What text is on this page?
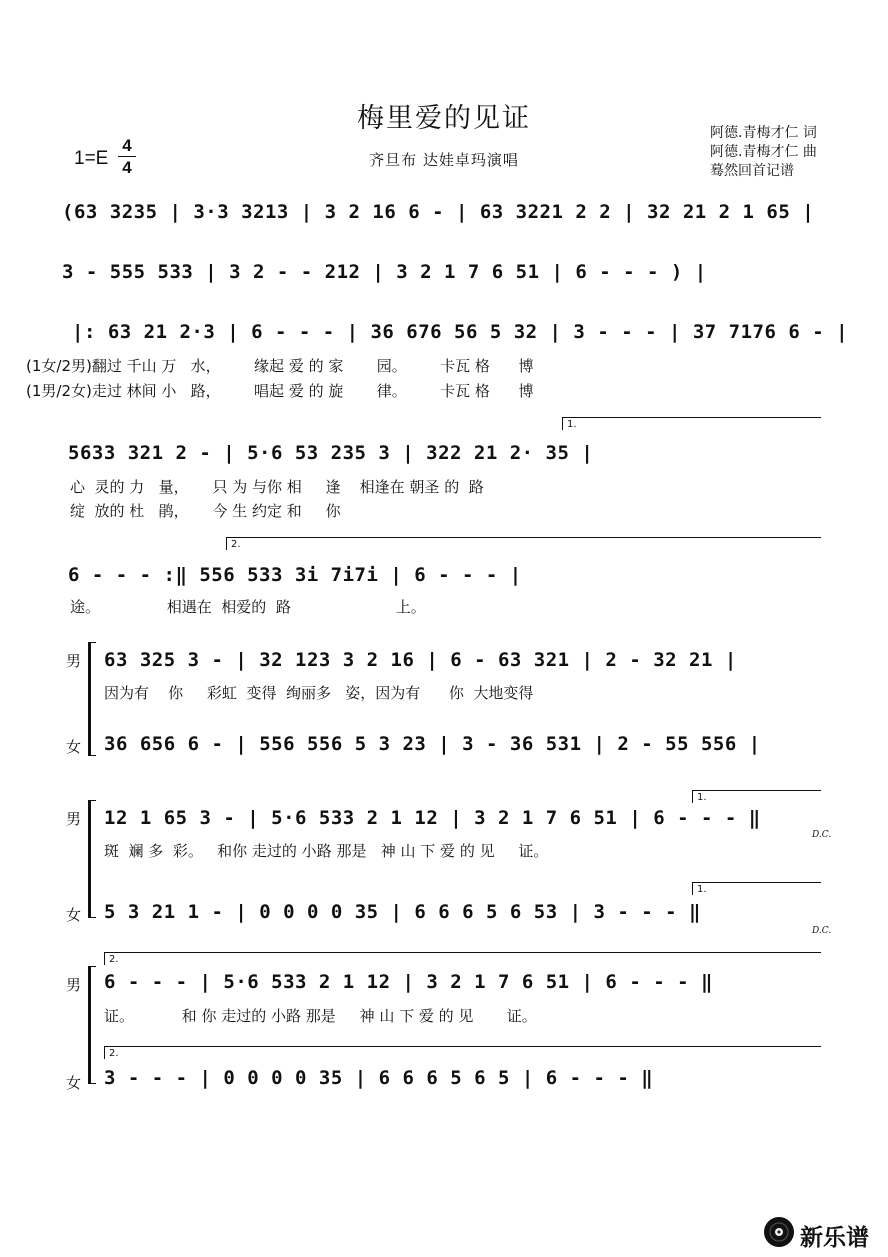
梅里爱的见证
1=E
4
4	齐旦布 达娃卓玛演唱
阿德.青梅才仁 词
阿德.青梅才仁 曲
蓦然回首记谱
(63 3235 | 3·3 3213 | 3 2 16 6 - | 63 3221 2 2 | 32 21 2 1 65 |
3 - 555 533 | 3 2 - - 212 | 3 2 1 7 6 51 | 6 - - - ) |
|: 63 21 2·3 | 6 - - - | 36 676 56 5 32 | 3 - - - | 37 7176 6 - |
(1女/2男)翻过 千山 万   水，       缘起 爱 的 家       园。       卡瓦 格      博
(1男/2女)走过 林间 小   路，       唱起 爱 的 旋       律。       卡瓦 格      博
1.
5633 321 2 - | 5·6 53 235 3 | 322 21 2· 35 |
心  灵的 力   量，     只 为 与你 相     逢    相逢在 朝圣 的  路
绽  放的 杜   鹃，     今 生 约定 和     你
2.
6 - - - :‖ 556 533 3i 7i7i | 6 - - - |
途。              相遇在  相爱的  路                      上。
男 63 325 3 - | 32 123 3 2 16 | 6 - 63 321 | 2 - 32 21 |
因为有    你     彩虹  变得  绚丽多   姿，因为有      你  大地变得
女 36 656 6 - | 556 556 5 3 23 | 3 - 36 531 | 2 - 55 556 |
1.
男 12 1 65 3 - | 5·6 533 2 1 12 | 3 2 1 7 6 51 | 6 - - - ‖
D.C.
斑  斓 多  彩。   和你 走过的 小路 那是   神 山 下 爱 的 见     证。
1.
女 5 3 21 1 - | 0 0 0 0 35 | 6 6 6 5 6 53 | 3 - - - ‖
D.C.
2.
男 6 - - - | 5·6 533 2 1 12 | 3 2 1 7 6 51 | 6 - - - ‖
证。          和 你 走过的 小路 那是     神 山 下 爱 的 见       证。
2.
女 3 - - - | 0 0 0 0 35 | 6 6 6 5 6 5 | 6 - - - ‖
新乐谱
